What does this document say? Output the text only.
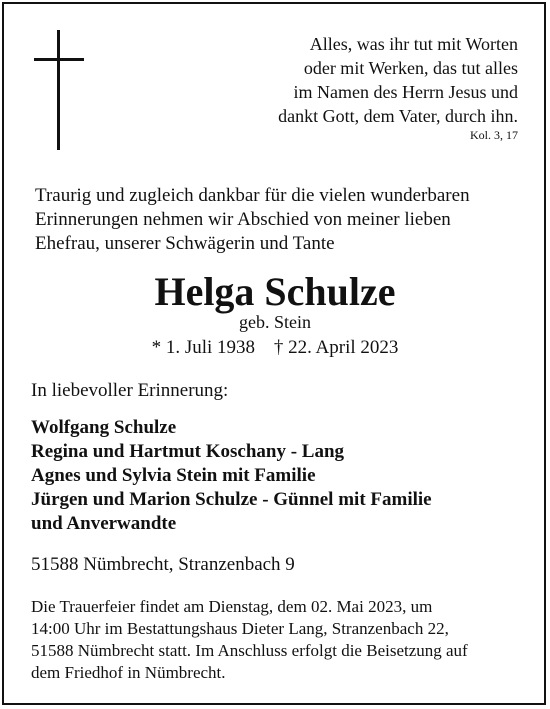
Alles, was ihr tut mit Worten
oder mit Werken, das tut alles
im Namen des Herrn Jesus und
dankt Gott, dem Vater, durch ihn.
Kol. 3, 17
Traurig und zugleich dankbar für die vielen wunderbaren
Erinnerungen nehmen wir Abschied von meiner lieben
Ehefrau, unserer Schwägerin und Tante
Helga Schulze
geb. Stein
* 1. Juli 1938 † 22. April 2023
In liebevoller Erinnerung:
Wolfgang Schulze
Regina und Hartmut Koschany - Lang
Agnes und Sylvia Stein mit Familie
Jürgen und Marion Schulze - Günnel mit Familie
und Anverwandte
51588 Nümbrecht, Stranzenbach 9
Die Trauerfeier findet am Dienstag, dem 02. Mai 2023, um
14:00 Uhr im Bestattungshaus Dieter Lang, Stranzenbach 22,
51588 Nümbrecht statt. Im Anschluss erfolgt die Beisetzung auf
dem Friedhof in Nümbrecht.
